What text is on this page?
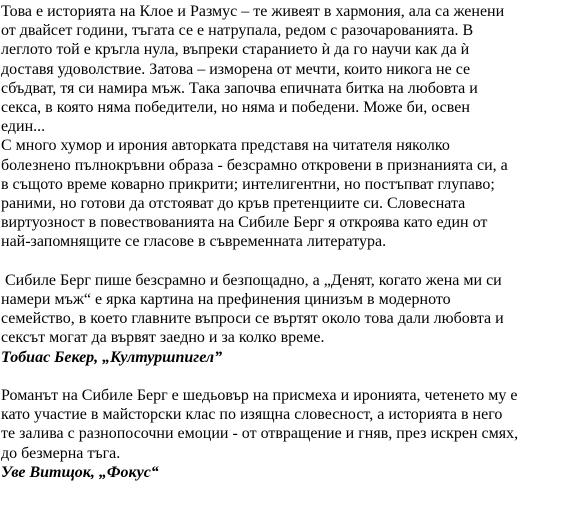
Това е историята на Клое и Размус – те живеят в хармония, ала са женени
от двайсет години, тъгата се е натрупала, редом с разочарованията. В
леглото той е кръгла нула, въпреки старанието ѝ да го научи как да ѝ
доставя удоволствие. Затова – изморена от мечти, които никога не се
сбъдват, тя си намира мъж. Така започва епичната битка на любовта и
секса, в която няма победители, но няма и победени. Може би, освен
един...
С много хумор и ирония авторката представя на читателя няколко
болезнено пълнокръвни образа - безсрамно откровени в признанията си, а
в същото време коварно прикрити; интелигентни, но постъпват глупаво;
раними, но готови да отстояват до кръв претенциите си. Словесната
виртуозност в повествованията на Сибиле Берг я откроява като един от
най-запомнящите се гласове в съвременната литература.
Сибиле Берг пише безсрамно и безпощадно, а „Денят, когато жена ми си
намери мъж“ е ярка картина на префинения цинизъм в модерното
семейство, в което главните въпроси се въртят около това дали любовта и
сексът могат да вървят заедно и за колко време.

Тобиас Бекер, „Културшпигел”

Романът на Сибиле Берг е шедьовър на присмеха и иронията, четенето му е
като участие в майсторски клас по изящна словесност, а историята в него
те залива с разнопосочни емоции - от отвращение и гняв, през искрен смях,
до безмерна тъга.

Уве Витщок, „Фокус“
